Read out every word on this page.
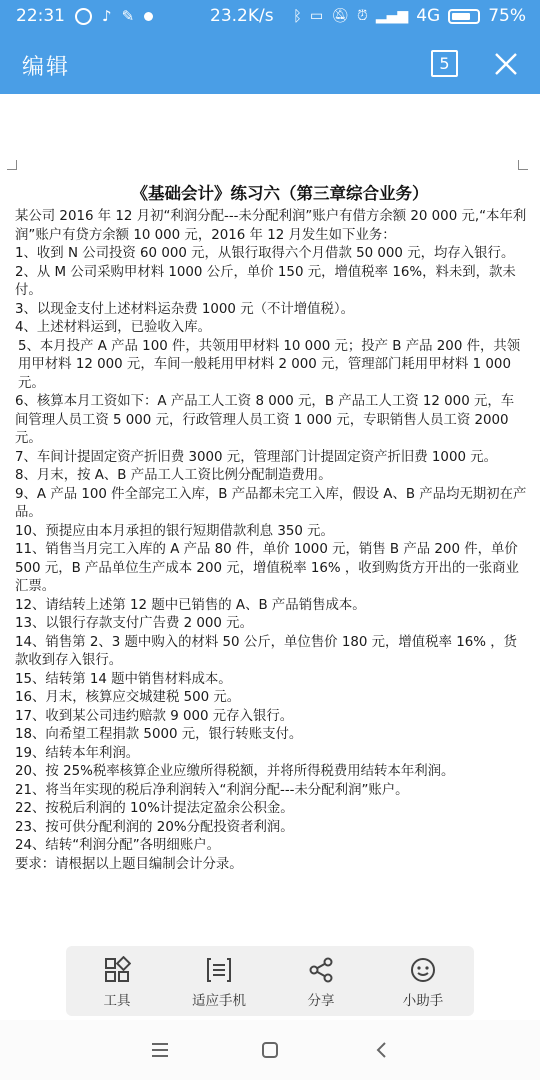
22:31 ♪ ✎	23.2K/s ᛒ ▭ 🔕︎ ⏰︎ ▂▄▆ 4G	75%
编辑	5
《基础会计》练习六（第三章综合业务）

某公司 2016 年 12 月初“利润分配---未分配利润”账户有借方余额 20 000 元,“本年利润”账户有贷方余额 10 000 元，2016 年 12 月发生如下业务：

1、收到 N 公司投资 60 000 元，从银行取得六个月借款 50 000 元，均存入银行。

2、从 M 公司采购甲材料 1000 公斤，单价 150 元，增值税率 16%，料未到，款未付。

3、以现金支付上述材料运杂费 1000 元（不计增值税）。

4、上述材料运到，已验收入库。

5、本月投产 A 产品 100 件，共领用甲材料 10 000 元；投产 B 产品 200 件，共领用甲材料 12 000 元，车间一般耗用甲材料 2 000 元，管理部门耗用甲材料 1 000 元。

6、核算本月工资如下：A 产品工人工资 8 000 元，B 产品工人工资 12 000 元，车间管理人员工资 5 000 元，行政管理人员工资 1 000 元，专职销售人员工资 2000 元。

7、车间计提固定资产折旧费 3000 元，管理部门计提固定资产折旧费 1000 元。

8、月末，按 A、B 产品工人工资比例分配制造费用。

9、A 产品 100 件全部完工入库，B 产品都未完工入库，假设 A、B 产品均无期初在产品。

10、预提应由本月承担的银行短期借款利息 350 元。

11、销售当月完工入库的 A 产品 80 件，单价 1000 元，销售 B 产品 200 件，单价 500 元，B 产品单位生产成本 200 元，增值税率 16% ，收到购货方开出的一张商业汇票。

12、请结转上述第 12 题中已销售的 A、B 产品销售成本。

13、以银行存款支付广告费 2 000 元。

14、销售第 2、3 题中购入的材料 50 公斤，单位售价 180 元，增值税率 16% ，货款收到存入银行。

15、结转第 14 题中销售材料成本。

16、月末，核算应交城建税 500 元。

17、收到某公司违约赔款 9 000 元存入银行。

18、向希望工程捐款 5000 元，银行转账支付。

19、结转本年利润。

20、按 25%税率核算企业应缴所得税额，并将所得税费用结转本年利润。

21、将当年实现的税后净利润转入“利润分配---未分配利润”账户。

22、按税后利润的 10%计提法定盈余公积金。

23、按可供分配利润的 20%分配投资者利润。

24、结转“利润分配”各明细账户。

要求：请根据以上题目编制会计分录。

工具	适应手机	分享	小助手
